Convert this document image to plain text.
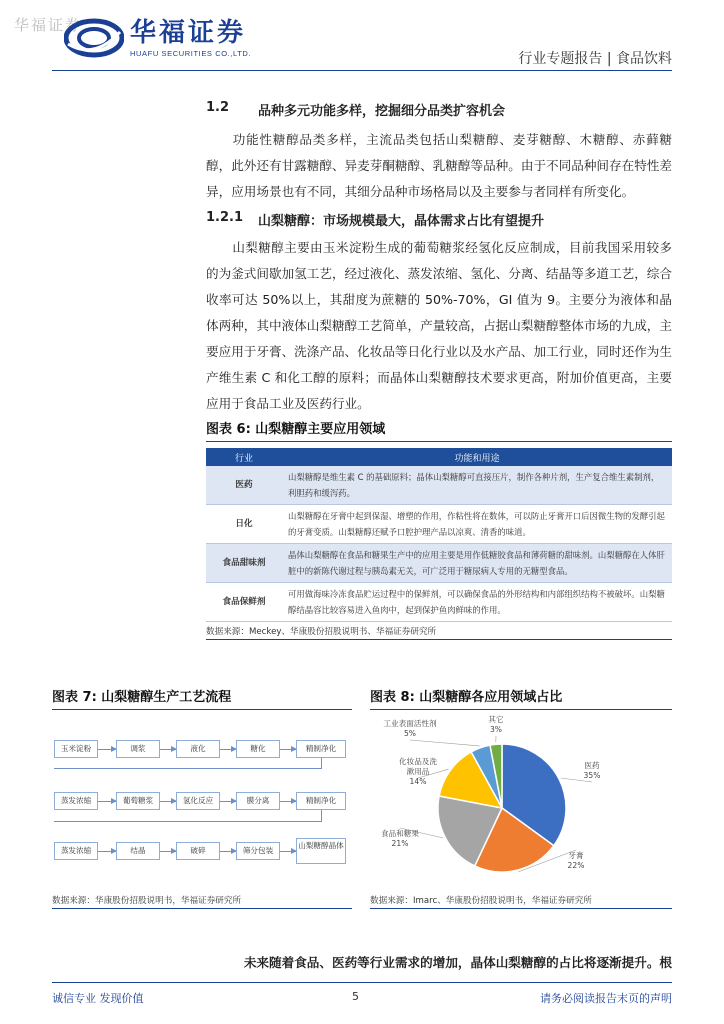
华福证券 华福证券
HUAFU SECURITIES CO.,LTD.	行业专题报告 | 食品饮料
1.2	品种多元功能多样，挖掘细分品类扩容机会

功能性糖醇品类多样，主流品类包括山梨糖醇、麦芽糖醇、木糖醇、赤藓糖醇，此外还有甘露糖醇、异麦芽酮糖醇、乳糖醇等品种。由于不同品种间存在特性差异，应用场景也有不同，其细分品种市场格局以及主要参与者同样有所变化。

1.2.1	山梨糖醇：市场规模最大，晶体需求占比有望提升

山梨糖醇主要由玉米淀粉生成的葡萄糖浆经氢化反应制成，目前我国采用较多的为釜式间歇加氢工艺，经过液化、蒸发浓缩、氢化、分离、结晶等多道工艺，综合收率可达 50%以上，其甜度为蔗糖的 50%-70%，GI 值为 9。主要分为液体和晶体两种，其中液体山梨糖醇工艺简单，产量较高，占据山梨糖醇整体市场的九成，主要应用于牙膏、洗涤产品、化妆品等日化行业以及水产品、加工行业，同时还作为生产维生素 C 和化工醇的原料；而晶体山梨糖醇技术要求更高，附加价值更高，主要应用于食品工业及医药行业。

图表 6: 山梨糖醇主要应用领域
行业	功能和用途
医药	山梨糖醇是维生素 C 的基础原料；晶体山梨糖醇可直接压片，制作各种片剂，生产复合维生素制剂，利胆药和缓泻药。
日化	山梨糖醇在牙膏中起到保湿、增塑的作用，作粘性将在数体，可以防止牙膏开口后因微生物的发酵引起的牙膏变质。山梨糖醇还赋予口腔护理产品以凉爽、清香的味道。
食品甜味剂	晶体山梨糖醇在食品和糖果生产中的应用主要是用作低糖胶食品和薄荷糖的甜味剂。山梨糖醇在人体肝脏中的新陈代谢过程与胰岛素无关，可广泛用于糖尿病人专用的无糖型食品。
食品保鲜剂	可用做海味冷冻食品贮运过程中的保鲜剂，可以确保食品的外形结构和内部组织结构不被破坏。山梨糖醇结晶容比较容易进入鱼肉中，起到保护鱼肉鲜味的作用。
数据来源：Meckey、华康股份招股说明书、华福证券研究所
图表 7: 山梨糖醇生产工艺流程
玉米淀粉	调浆	液化	糖化	精制净化
蒸发浓缩	葡萄糖浆	氢化反应	膜分离	精制净化
蒸发浓缩	结晶	破碎	筛分包装
山梨糖醇晶体
数据来源：华康股份招股说明书，华福证券研究所
图表 8: 山梨糖醇各应用领域占比
医药
35%
牙膏
22%
食品和糖果
21%
化妆品及洗
漱用品
14%
工业表面活性剂
5%
其它
3%
数据来源：Imarc、华康股份招股说明书，华福证券研究所

未来随着食品、医药等行业需求的增加，晶体山梨糖醇的占比将逐渐提升。根

诚信专业 发现价值	5	请务必阅读报告末页的声明
